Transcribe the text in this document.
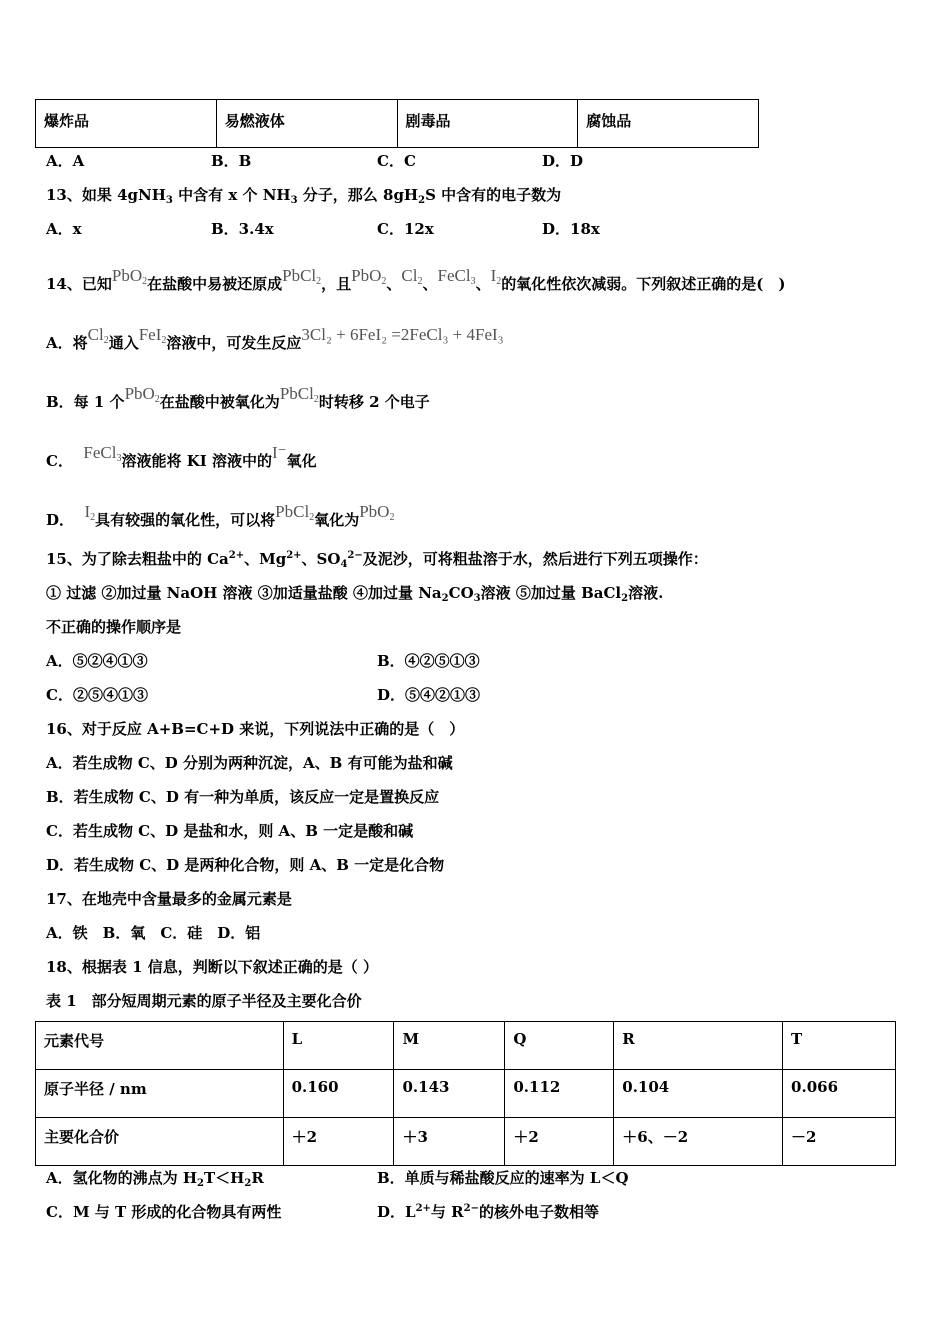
爆炸品	易燃液体	剧毒品	腐蚀品
A．A	B．B	C．C	D．D
13、如果 4gNH$_3$ 中含有 x 个 $NH_3$ 分子，那么 $8gH_2S$ 中含有的电子数为
A．x	B．3.4x	C．12x	D．18x
14、已知PbO2在盐酸中易被还原成PbCl2，且PbO2、Cl2、FeCl3、I2的氧化性依次减弱。下列叙述正确的是(　)
A．将Cl2通入FeI2溶液中，可发生反应3Cl₂ + 6FeI₂ =2FeCl₃ + 4FeI₃
B．每 1 个PbO2在盐酸中被氧化为PbCl2时转移 2 个电子
C． FeCl3溶液能将 KI 溶液中的I⁻氧化
D． I2具有较强的氧化性，可以将PbCl2氧化为PbO2
15、为了除去粗盐中的 $Ca^{2+}$、$Mg^{2+}$、$SO_4^{2-}$及泥沙，可将粗盐溶于水，然后进行下列五项操作：
① 过滤 ②加过量 NaOH 溶液 ③加适量盐酸 ④加过量 $Na_2CO_3$溶液 ⑤加过量 BaCl$_2$溶液.
不正确的操作顺序是
A．⑤②④①③	B．④②⑤①③
C．②⑤④①③	D．⑤④②①③
16、对于反应 A+B=C+D 来说，下列说法中正确的是（　）
A．若生成物 C、D 分别为两种沉淀，A、B 有可能为盐和碱
B．若生成物 C、D 有一种为单质，该反应一定是置换反应
C．若生成物 C、D 是盐和水，则 A、B 一定是酸和碱
D．若生成物 C、D 是两种化合物，则 A、B 一定是化合物
17、在地壳中含量最多的金属元素是
A．铁　B．氧　C．硅　D．铝
18、根据表 1 信息，判断以下叙述正确的是（ ）
表 1　部分短周期元素的原子半径及主要化合价
元素代号	L	M	Q	R	T
原子半径 / nm	0.160	0.143	0.112	0.104	0.066
主要化合价	＋2	＋3	＋2	＋6、－2	－2
A．氢化物的沸点为 $H_2T<H_2R$	B．单质与稀盐酸反应的速率为 L＜Q
C．M 与 T 形成的化合物具有两性	D．$L^{2+}$与 $R^{2-}$的核外电子数相等
